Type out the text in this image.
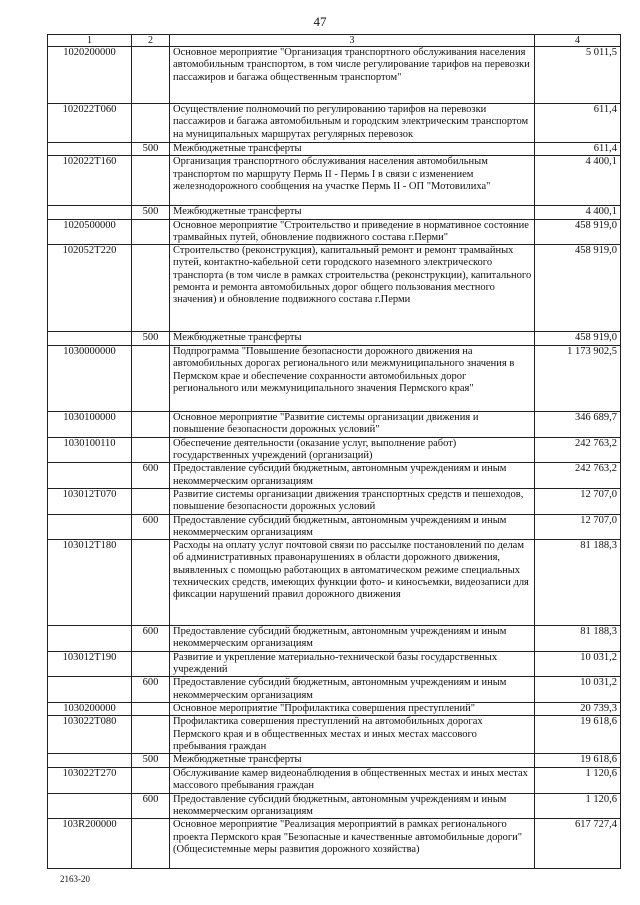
47
1	2	3	4
1020200000		Основное мероприятие "Организация транспортного обслуживания населения автомобильным транспортом, в том числе регулирование тарифов на перевозки пассажиров и багажа общественным транспортом"	5 011,5
102022Т060		Осуществление полномочий по регулированию тарифов на перевозки пассажиров и багажа автомобильным и городским электрическим транспортом на муниципальных маршрутах регулярных перевозок	611,4
	500	Межбюджетные трансферты	611,4
102022Т160		Организация транспортного обслуживания населения автомобильным транспортом по маршруту Пермь II - Пермь I в связи с изменением железнодорожного сообщения на участке Пермь II - ОП "Мотовилиха"	4 400,1
	500	Межбюджетные трансферты	4 400,1
1020500000		Основное мероприятие "Строительство и приведение в нормативное состояние трамвайных путей, обновление подвижного состава г.Перми"	458 919,0
102052Т220		Строительство (реконструкция), капитальный ремонт и ремонт трамвайных путей, контактно-кабельной сети городского наземного электрического транспорта (в том числе в рамках строительства (реконструкции), капитального ремонта и ремонта автомобильных дорог общего пользования местного значения) и обновление подвижного состава г.Перми	458 919,0
	500	Межбюджетные трансферты	458 919,0
1030000000		Подпрограмма "Повышение безопасности дорожного движения на автомобильных дорогах регионального или межмуниципального значения в Пермском крае и обеспечение сохранности автомобильных дорог регионального или межмуниципального значения Пермского края"	1 173 902,5
1030100000		Основное мероприятие "Развитие системы организации движения и повышение безопасности дорожных условий"	346 689,7
1030100110		Обеспечение деятельности (оказание услуг, выполнение работ) государственных учреждений (организаций)	242 763,2
	600	Предоставление субсидий бюджетным, автономным учреждениям и иным некоммерческим организациям	242 763,2
103012Т070		Развитие системы организации движения транспортных средств и пешеходов, повышение безопасности дорожных условий	12 707,0
	600	Предоставление субсидий бюджетным, автономным учреждениям и иным некоммерческим организациям	12 707,0
103012Т180		Расходы на оплату услуг почтовой связи по рассылке постановлений по делам об административных правонарушениях в области дорожного движения, выявленных с помощью работающих в автоматическом режиме специальных технических средств, имеющих функции фото- и киносъемки, видеозаписи для фиксации нарушений правил дорожного движения	81 188,3
	600	Предоставление субсидий бюджетным, автономным учреждениям и иным некоммерческим организациям	81 188,3
103012Т190		Развитие и укрепление материально-технической базы государственных учреждений	10 031,2
	600	Предоставление субсидий бюджетным, автономным учреждениям и иным некоммерческим организациям	10 031,2
1030200000		Основное мероприятие "Профилактика совершения преступлений"	20 739,3
103022Т080		Профилактика совершения преступлений на автомобильных дорогах Пермского края и в общественных местах и иных местах массового пребывания граждан	19 618,6
	500	Межбюджетные трансферты	19 618,6
103022Т270		Обслуживание камер видеонаблюдения в общественных местах и иных местах массового пребывания граждан	1 120,6
	600	Предоставление субсидий бюджетным, автономным учреждениям и иным некоммерческим организациям	1 120,6
103R200000		Основное мероприятие "Реализация мероприятий в рамках регионального проекта Пермского края "Безопасные и качественные автомобильные дороги" (Общесистемные меры развития дорожного хозяйства)	617 727,4
2163-20
